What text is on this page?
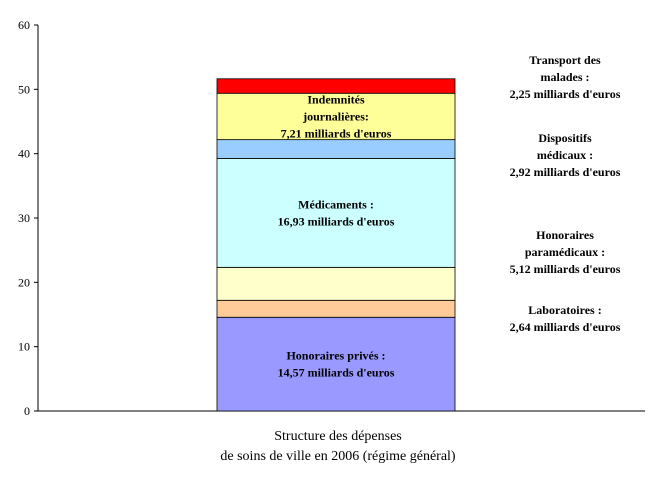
0
10
20
30
40
50
60
Honoraires privés : 14,57 milliards d'euros
Médicaments : 16,93 milliards d'euros
Indemnités journalières: 7,21 milliards d'euros
Laboratoires : 2,64 milliards d'euros
Honoraires paramédicaux : 5,12 milliards d'euros
Dispositifs médicaux : 2,92 milliards d'euros
Transport des malades : 2,25 milliards d'euros
Structure des dépenses
de soins de ville en 2006 (régime général)
